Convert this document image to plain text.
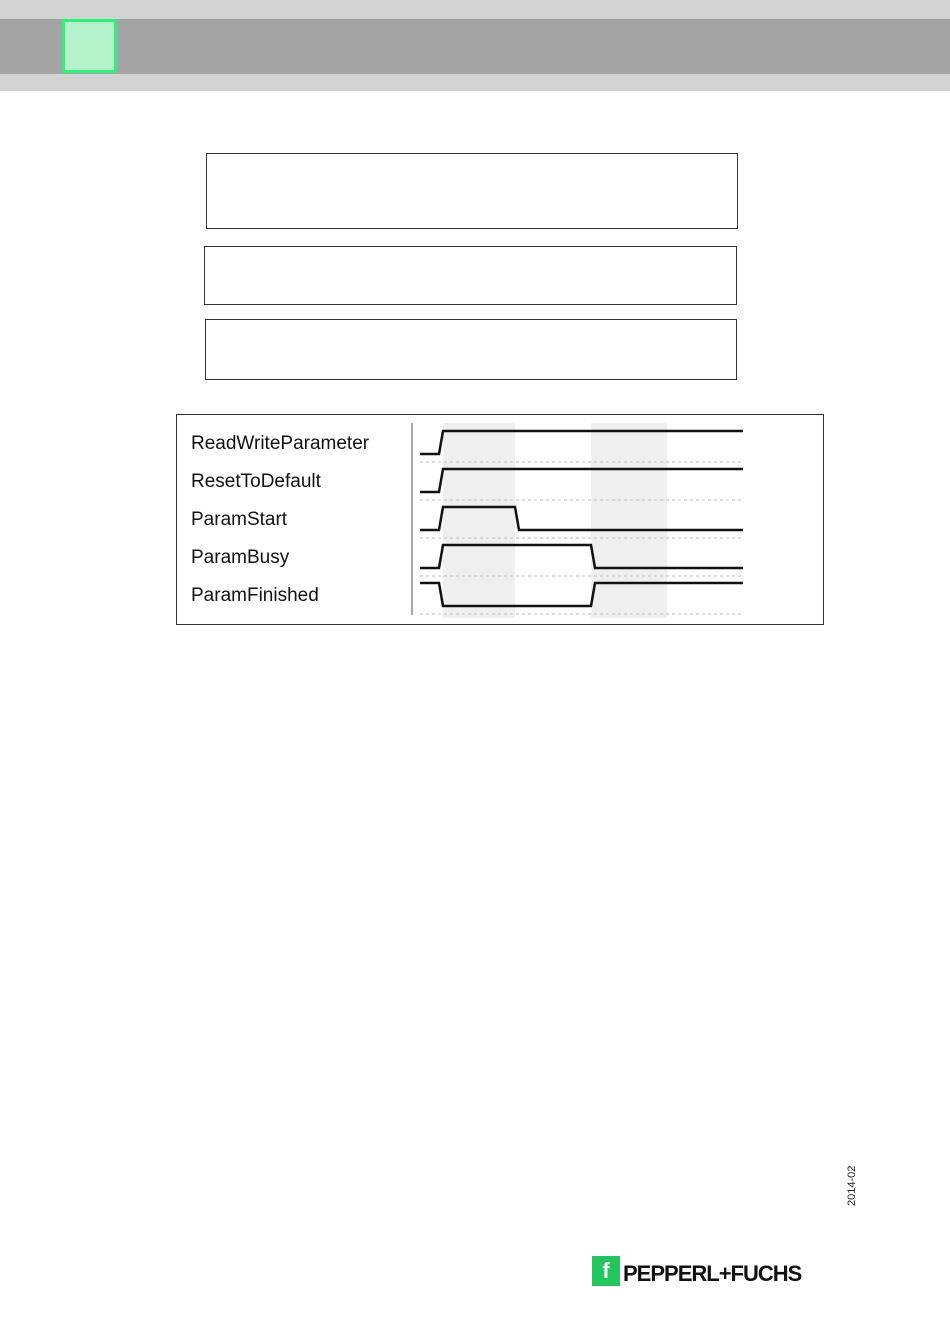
ReadWriteParameter
ResetToDefault
ParamStart
ParamBusy
ParamFinished
2014-02
f PEPPERL+FUCHS
